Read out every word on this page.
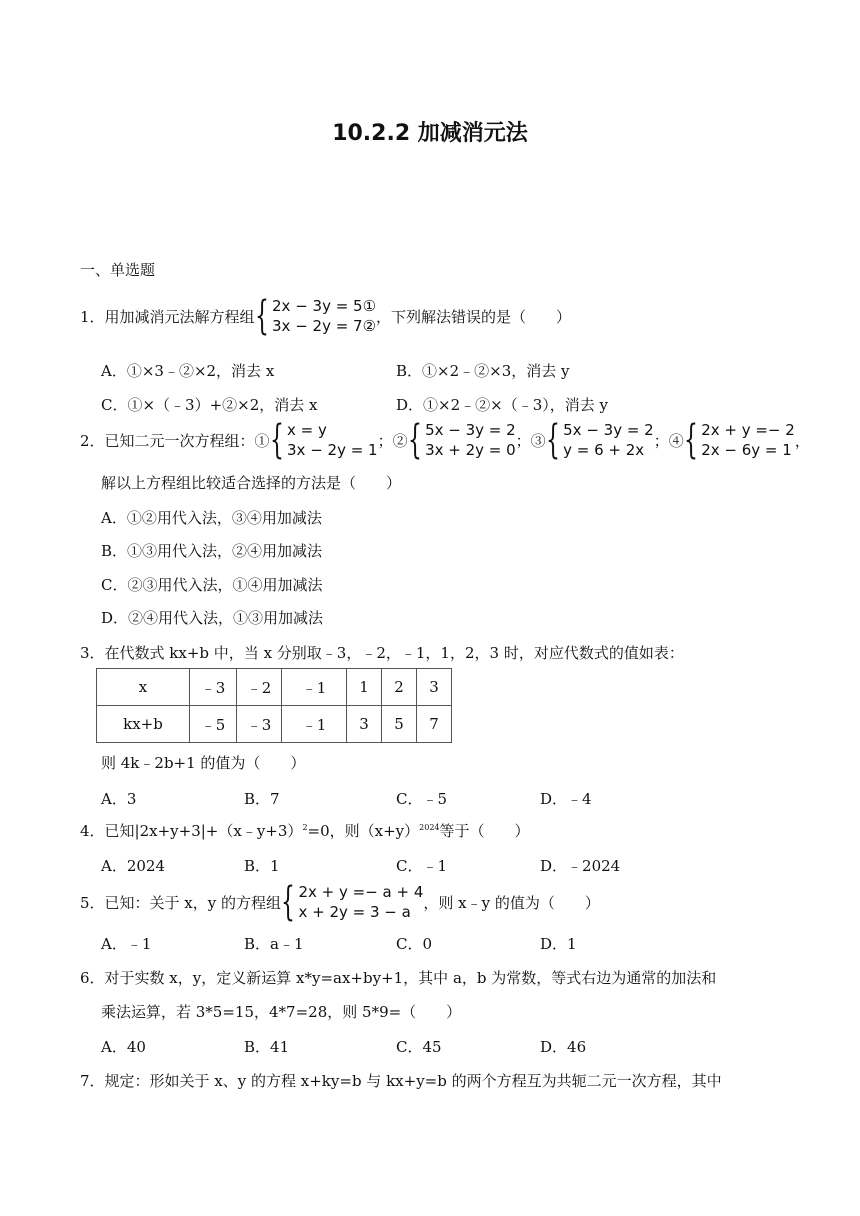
10.2.2 加减消元法
一、单选题
1．用加减消元法解方程组 { 2x − 3y = 5①
3x − 2y = 7②
，下列解法错误的是（　　）
A．①×3﹣②×2，消去 x	B．①×2﹣②×3，消去 y
C．①×（﹣3）+②×2，消去 x	D．①×2﹣②×（﹣3），消去 y
2．已知二元一次方程组：① { x = y
3x − 2y = 1
；② { 5x − 3y = 2
3x + 2y = 0
；③ { 5x − 3y = 2
y = 6 + 2x
；④ { 2x + y =− 2
2x − 6y = 1
，
解以上方程组比较适合选择的方法是（　　）
A．①②用代入法，③④用加减法
B．①③用代入法，②④用加减法
C．②③用代入法，①④用加减法
D．②④用代入法，①③用加减法
3．在代数式 kx+b 中，当 x 分别取﹣3，﹣2，﹣1，1，2，3 时，对应代数式的值如表：
x	﹣3	﹣2	﹣1	1	2	3
kx+b	﹣5	﹣3	﹣1	3	5	7
则 4k﹣2b+1 的值为（　　）
A．3	B．7	C．﹣5	D．﹣4
4．已知|2x+y+3|+（x﹣y+3）$^2$=0，则$(x+y)^{2024}$等于（　　）
A．2024	B．1	C．﹣1	D．﹣2024
5．已知：关于 x，y 的方程组 { 2x + y =− a + 4
x + 2y = 3 − a
，则 x﹣y 的值为（　　）
A．﹣1	B．a﹣1	C．0	D．1
6．对于实数 x，y，定义新运算 x*y=ax+by+1，其中 a，b 为常数，等式右边为通常的加法和
乘法运算，若 3*5=15，4*7=28，则 5*9=（　　）
A．40	B．41	C．45	D．46
7．规定：形如关于 x、y 的方程 x+ky=b 与 kx+y=b 的两个方程互为共轭二元一次方程，其中
